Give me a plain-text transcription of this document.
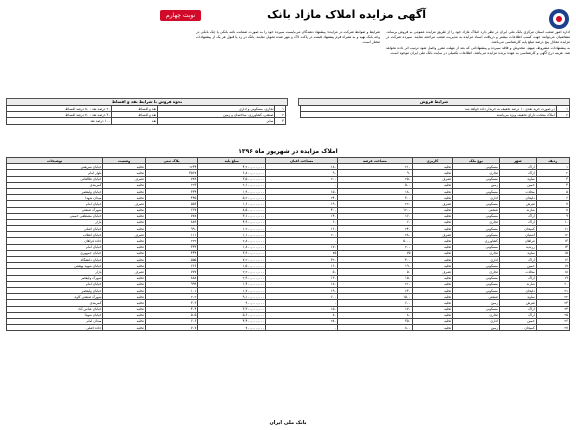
آگهی مزایده املاک مازاد بانک
نوبت چهارم
اداره امور شعب استان مرکزی بانک ملی ایران در نظر دارد املاک مازاد خود را از طریق مزایده عمومی به فروش برساند. متقاضیان می‌توانند جهت کسب اطلاعات بیشتر و دریافت اسناد مزایده به مدیریت شعب مراجعه نمایند. سپرده شرکت در مزایده معادل پنج درصد مبلغ پایه کارشناسی می‌باشد.
شرایط و ضوابط شرکت در مزایده: پیشنهاد دهندگان می‌بایست سپرده خود را به صورت ضمانت نامه بانکی یا چک بانکی در وجه بانک تهیه و به همراه فرم پیشنهاد قیمت در پاکت لاک و مهر شده تحویل نمایند. بانک در رد یا قبول هر یک از پیشنهادات مختار است.
به پیشنهادات مشروط، مبهم، مخدوش و فاقد سپرده و پیشنهاداتی که بعد از مهلت مقرر واصل شود ترتیب اثر داده نخواهد شد. هزینه درج آگهی و کارشناسی به عهده برنده مزایده می‌باشد. اطلاعات تکمیلی در سایت بانک ملی ایران موجود است.
نحوه فروش با شرایط نقد و اقساط
۱	تجاری، مسکونی و اداری	نقد و اقساط	۲۰ درصد نقد - ۸۰ درصد اقساط
۲	صنعتی، کشاورزی، ساختمان و زمین	نقد و اقساط	۳۰ درصد نقد - ۷۰ درصد اقساط
۳	سایر	نقد	۱۰۰ درصد نقد
شرایط فروش
۱	در صورت خرید نقدی ۱۰ درصد تخفیف به خریدار داده خواهد شد
۲	املاک منتخب دارای تخفیف ویژه می‌باشند
املاک مزایده در شهریور ماه ۱۳۹۶
ردیف	شهر	نوع ملک	کاربری	مساحت عرصه	مساحت اعیان	مبلغ پایه	پلاک ثبتی	وضعیت	توضیحات
۱	اراک	مسکونی	تخلیه	۲۱۰	۱۸۰	۴,۲۰۰,۰۰۰,۰۰۰	۱۲۳۴	تخلیه	خیابان شریعتی
۲	اراک	تجاری	تخلیه	۹۰	۹۰	۶,۸۰۰,۰۰۰,۰۰۰	۴۵۶۷	تخلیه	بلوار امام
۳	ساوه	مسکونی	تصرف	۲۵۰	۲۰۰	۳,۵۰۰,۰۰۰,۰۰۰	۷۸۹	تصرف	خیابان طالقانی
۴	خمین	زمین	تخلیه	۵۰۰	۰	۲,۱۰۰,۰۰۰,۰۰۰	۲۲۳	تخلیه	کمربندی
۵	محلات	مسکونی	تخلیه	۱۸۰	۱۵۰	۱,۹۰۰,۰۰۰,۰۰۰	۳۳۴	تخلیه	خیابان ولیعصر
۶	دلیجان	اداری	تخلیه	۳۰۰	۲۴۰	۵,۲۰۰,۰۰۰,۰۰۰	۴۴۵	تخلیه	میدان شهدا
۷	تفرش	مسکونی	تصرف	۲۲۰	۱۹۰	۱,۶۰۰,۰۰۰,۰۰۰	۵۵۶	تصرف	خیابان امام
۸	شازند	صنعتی	تخلیه	۱۲۰۰	۴۰۰	۸,۵۰۰,۰۰۰,۰۰۰	۶۶۷	تخلیه	شهرک صنعتی
۹	اراک	مسکونی	تخلیه	۱۶۰	۱۴۰	۳,۱۰۰,۰۰۰,۰۰۰	۷۷۸	تخلیه	خیابان مصطفی خمینی
۱۰	اراک	تجاری	تخلیه	۶۰	۶۰	۴,۹۰۰,۰۰۰,۰۰۰	۸۸۹	تخلیه	بازار
۱۱	کمیجان	مسکونی	تخلیه	۲۴۰	۱۶۰	۱,۲۰۰,۰۰۰,۰۰۰	۹۹۰	تخلیه	خیابان اصلی
۱۲	آشتیان	مسکونی	تصرف	۲۸۰	۲۰۰	۱,۱۰۰,۰۰۰,۰۰۰	۱۱۱	تصرف	خیابان انقلاب
۱۳	فراهان	کشاورزی	تخلیه	۵۰۰۰	۰	۲,۸۰۰,۰۰۰,۰۰۰	۲۲۲	تخلیه	جاده فراهان
۱۴	زرندیه	مسکونی	تخلیه	۲۰۰	۱۷۰	۱,۸۰۰,۰۰۰,۰۰۰	۳۳۳	تخلیه	خیابان امام
۱۵	ساوه	تجاری	تخلیه	۷۵	۷۵	۳,۹۰۰,۰۰۰,۰۰۰	۴۴۴	تخلیه	خیابان جمهوری
۱۶	اراک	اداری	تخلیه	۴۰۰	۳۲۰	۷,۲۰۰,۰۰۰,۰۰۰	۵۵۵	تخلیه	خیابان دانشگاه
۱۷	خمین	مسکونی	تخلیه	۱۹۰	۱۶۰	۱,۵۰۰,۰۰۰,۰۰۰	۶۶۶	تخلیه	خیابان شهید بهشتی
۱۸	محلات	تجاری	تصرف	۵۰	۵۰	۲,۲۰۰,۰۰۰,۰۰۰	۷۷۷	تصرف	بازار
۱۹	اراک	مسکونی	تخلیه	۱۵۰	۱۳۰	۲,۹۰۰,۰۰۰,۰۰۰	۸۸۸	تخلیه	شهرک ولیعصر
۲۰	شازند	مسکونی	تخلیه	۲۱۰	۱۸۰	۱,۴۰۰,۰۰۰,۰۰۰	۹۹۹	تخلیه	خیابان امام
۲۱	دلیجان	مسکونی	تخلیه	۲۳۰	۱۹۰	۱,۷۰۰,۰۰۰,۰۰۰	۱۰۱	تخلیه	خیابان ولیعصر
۲۲	ساوه	صنعتی	تخلیه	۱۵۰۰	۶۰۰	۹,۱۰۰,۰۰۰,۰۰۰	۲۰۲	تخلیه	شهرک صنعتی کاوه
۲۳	تفرش	زمین	تخلیه	۶۰۰	۰	۹۰۰,۰۰۰,۰۰۰	۳۰۳	تخلیه	کمربندی
۲۴	اراک	مسکونی	تخلیه	۱۷۰	۱۵۰	۳,۳۰۰,۰۰۰,۰۰۰	۴۰۴	تخلیه	خیابان عباس آباد
۲۵	اراک	تجاری	تخلیه	۸۰	۸۰	۵,۶۰۰,۰۰۰,۰۰۰	۵۰۵	تخلیه	خیابان شهدا
۲۶	خمین	اداری	تخلیه	۳۵۰	۲۸۰	۴,۴۰۰,۰۰۰,۰۰۰	۶۰۶	تخلیه	میدان امام
۲۷	کمیجان	زمین	تخلیه	۸۰۰	۰	۷۰۰,۰۰۰,۰۰۰	۷۰۷	تخلیه	جاده اصلی
بانک ملی ایران
